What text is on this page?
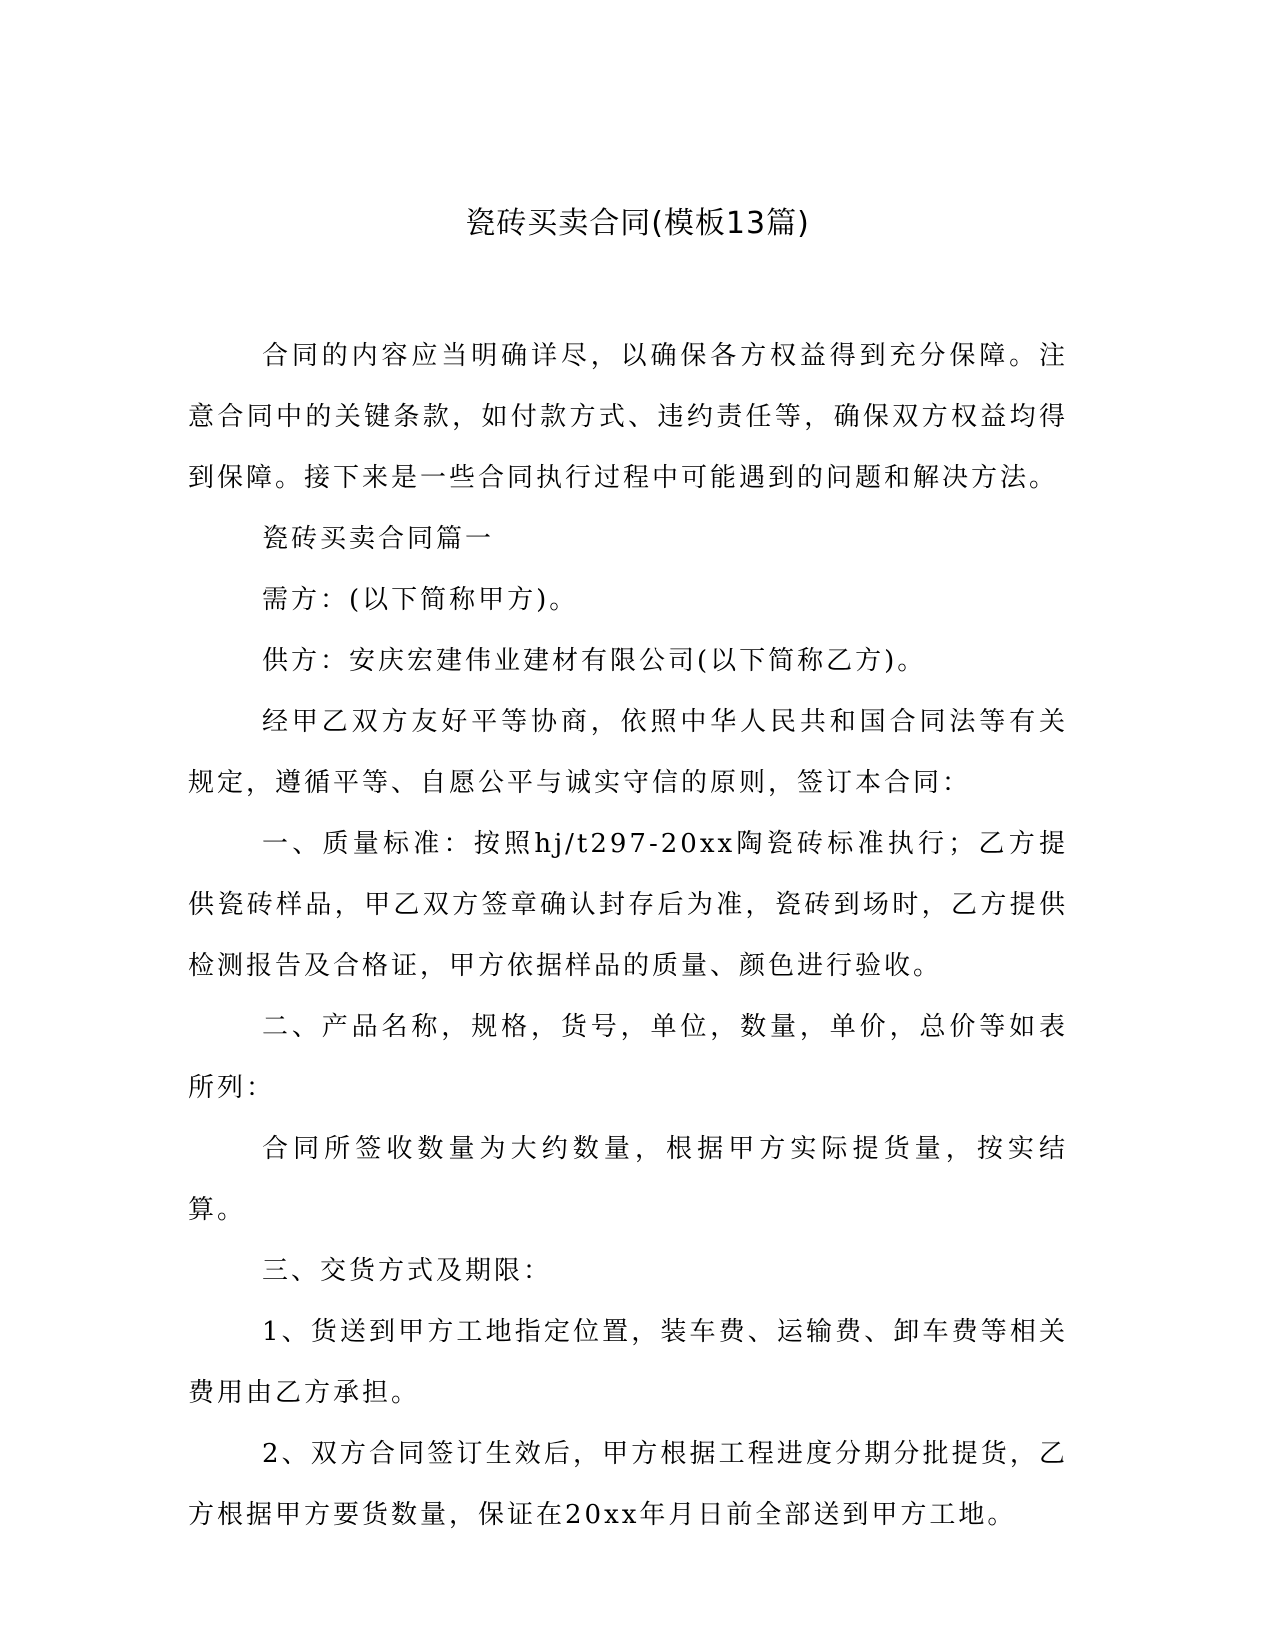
瓷砖买卖合同(模板13篇)

合同的内容应当明确详尽，以确保各方权益得到充分保障。注意合同中的关键条款，如付款方式、违约责任等，确保双方权益均得到保障。接下来是一些合同执行过程中可能遇到的问题和解决方法。

瓷砖买卖合同篇一

需方：(以下简称甲方)。

供方：安庆宏建伟业建材有限公司(以下简称乙方)。

经甲乙双方友好平等协商，依照中华人民共和国合同法等有关规定，遵循平等、自愿公平与诚实守信的原则，签订本合同：

一、质量标准：按照hj/t297-20xx陶瓷砖标准执行；乙方提供瓷砖样品，甲乙双方签章确认封存后为准，瓷砖到场时，乙方提供检测报告及合格证，甲方依据样品的质量、颜色进行验收。

二、产品名称，规格，货号，单位，数量，单价，总价等如表所列：

合同所签收数量为大约数量，根据甲方实际提货量，按实结算。

三、交货方式及期限：

1、货送到甲方工地指定位置，装车费、运输费、卸车费等相关费用由乙方承担。

2、双方合同签订生效后，甲方根据工程进度分期分批提货，乙方根据甲方要货数量，保证在20xx年月日前全部送到甲方工地。
